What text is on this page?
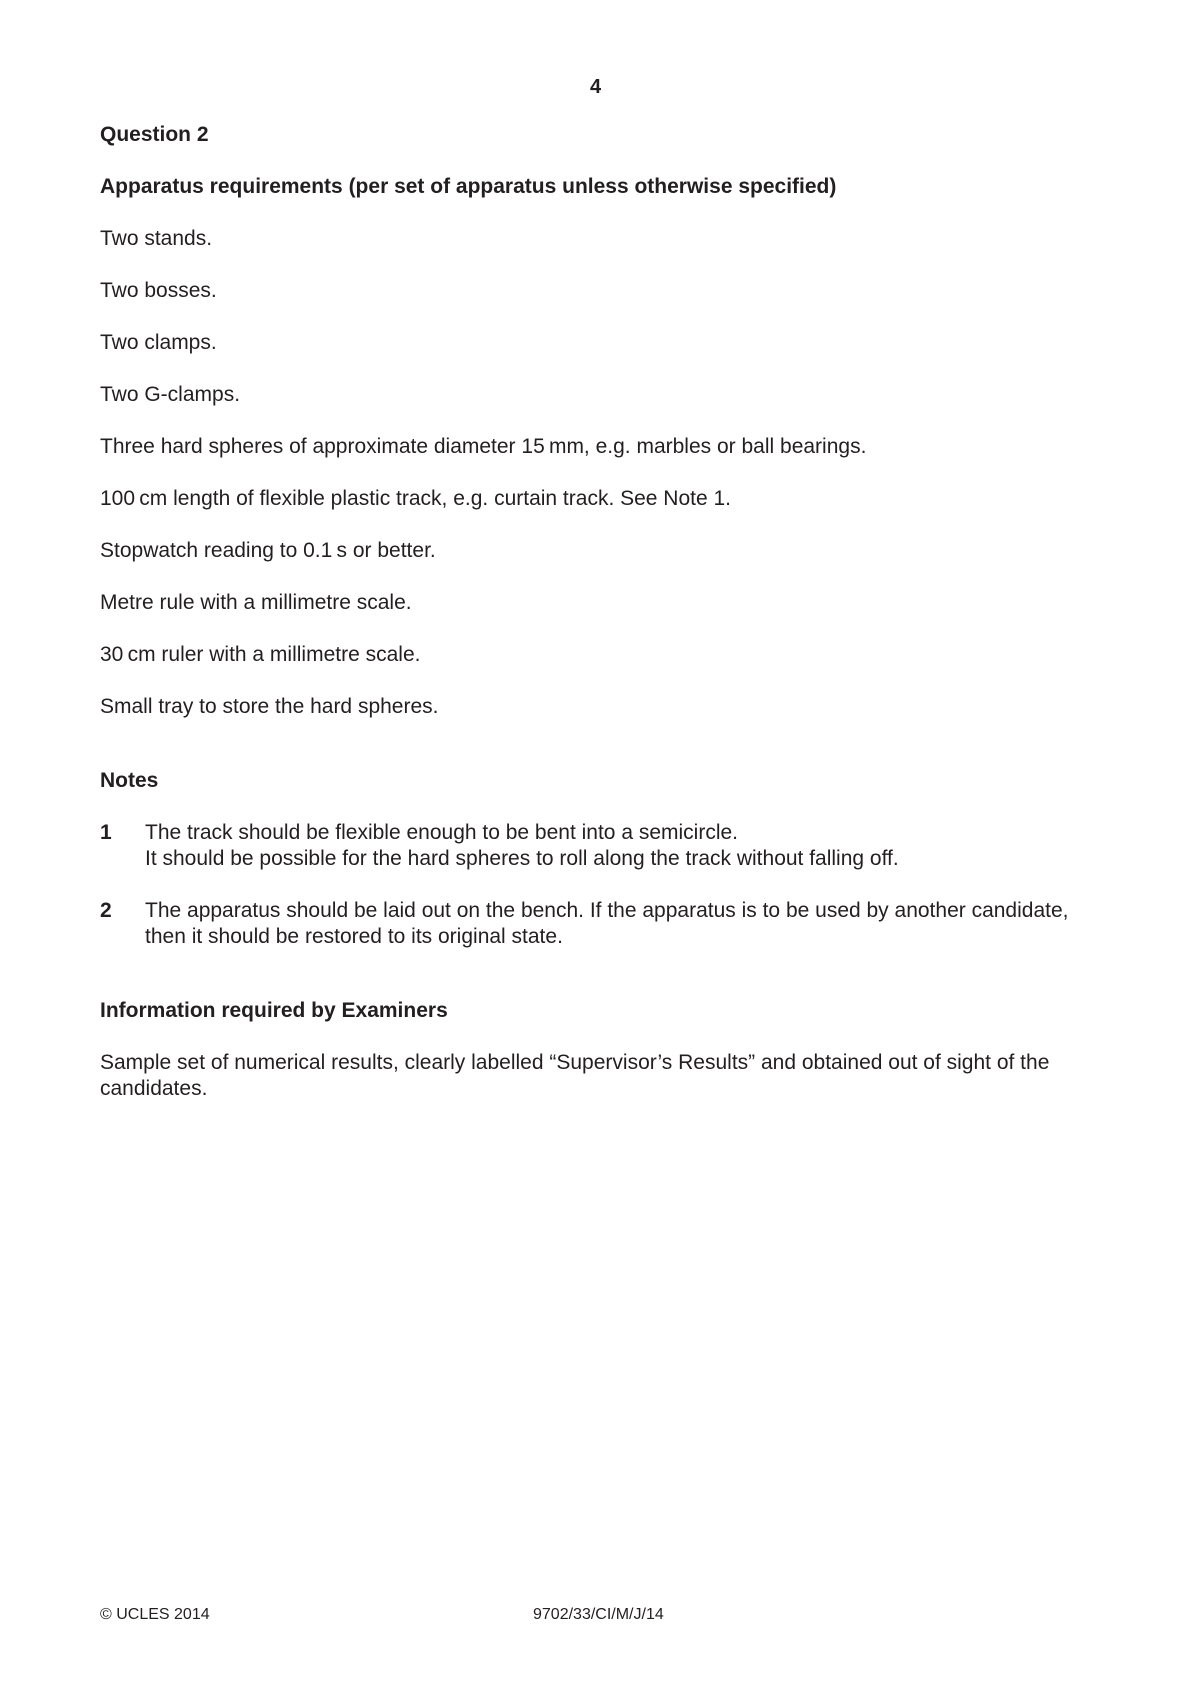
4

Question 2

Apparatus requirements (per set of apparatus unless otherwise specified)

Two stands.

Two bosses.

Two clamps.

Two G-clamps.

Three hard spheres of approximate diameter 15 mm, e.g. marbles or ball bearings.

100 cm length of flexible plastic track, e.g. curtain track. See Note 1.

Stopwatch reading to 0.1 s or better.

Metre rule with a millimetre scale.

30 cm ruler with a millimetre scale.

Small tray to store the hard spheres.

Notes

1	The track should be flexible enough to be bent into a semicircle.

It should be possible for the hard spheres to roll along the track without falling off.

2	The apparatus should be laid out on the bench. If the apparatus is to be used by another candidate, then it should be restored to its original state.

Information required by Examiners

Sample set of numerical results, clearly labelled “Supervisor’s Results” and obtained out of sight of the candidates.

© UCLES 2014	9702/33/CI/M/J/14
